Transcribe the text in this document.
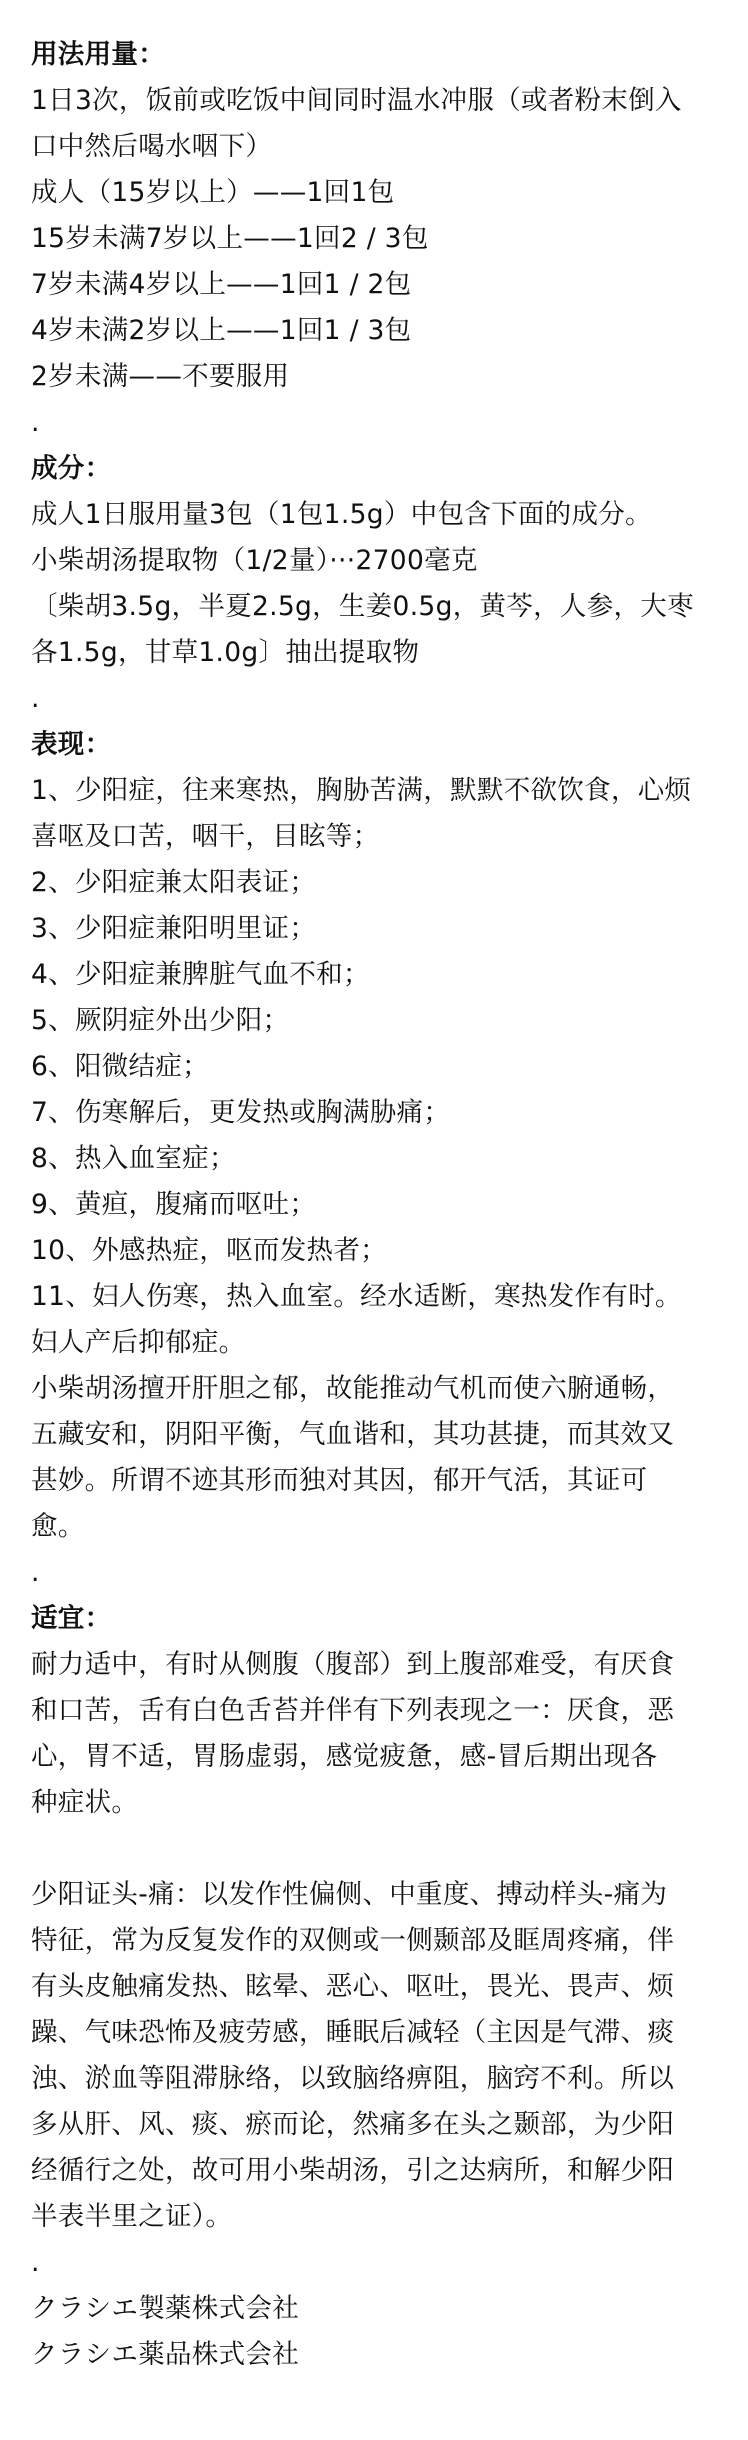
用法用量：
1日3次，饭前或吃饭中间同时温水冲服（或者粉末倒入
口中然后喝水咽下）
成人（15岁以上）——1回1包
15岁未满7岁以上——1回2 / 3包
7岁未满4岁以上——1回1 / 2包
4岁未满2岁以上——1回1 / 3包
2岁未满——不要服用
.
成分：
成人1日服用量3包（1包1.5g）中包含下面的成分。
小柴胡汤提取物（1/2量）···2700毫克
〔柴胡3.5g，半夏2.5g，生姜0.5g，黄芩，人参，大枣
各1.5g，甘草1.0g〕抽出提取物
.
表现：
1、少阳症，往来寒热，胸胁苦满，默默不欲饮食，心烦
喜呕及口苦，咽干，目眩等；
2、少阳症兼太阳表证；
3、少阳症兼阳明里证；
4、少阳症兼脾脏气血不和；
5、厥阴症外出少阳；
6、阳微结症；
7、伤寒解后，更发热或胸满胁痛；
8、热入血室症；
9、黄疸，腹痛而呕吐；
10、外感热症，呕而发热者；
11、妇人伤寒，热入血室。经水适断，寒热发作有时。
妇人产后抑郁症。
小柴胡汤擅开肝胆之郁，故能推动气机而使六腑通畅，
五藏安和，阴阳平衡，气血谐和，其功甚捷，而其效又
甚妙。所谓不迹其形而独对其因，郁开气活，其证可
愈。
.
适宜：
耐力适中，有时从侧腹（腹部）到上腹部难受，有厌食
和口苦，舌有白色舌苔并伴有下列表现之一：厌食，恶
心，胃不适，胃肠虚弱，感觉疲惫，感-冒后期出现各
种症状。
少阳证头-痛：以发作性偏侧、中重度、搏动样头-痛为
特征，常为反复发作的双侧或一侧颞部及眶周疼痛，伴
有头皮触痛发热、眩晕、恶心、呕吐，畏光、畏声、烦
躁、气味恐怖及疲劳感，睡眠后减轻（主因是气滞、痰
浊、淤血等阻滞脉络，以致脑络痹阻，脑窍不利。所以
多从肝、风、痰、瘀而论，然痛多在头之颞部，为少阳
经循行之处，故可用小柴胡汤，引之达病所，和解少阳
半表半里之证）。
.
クラシエ製薬株式会社
クラシエ薬品株式会社
